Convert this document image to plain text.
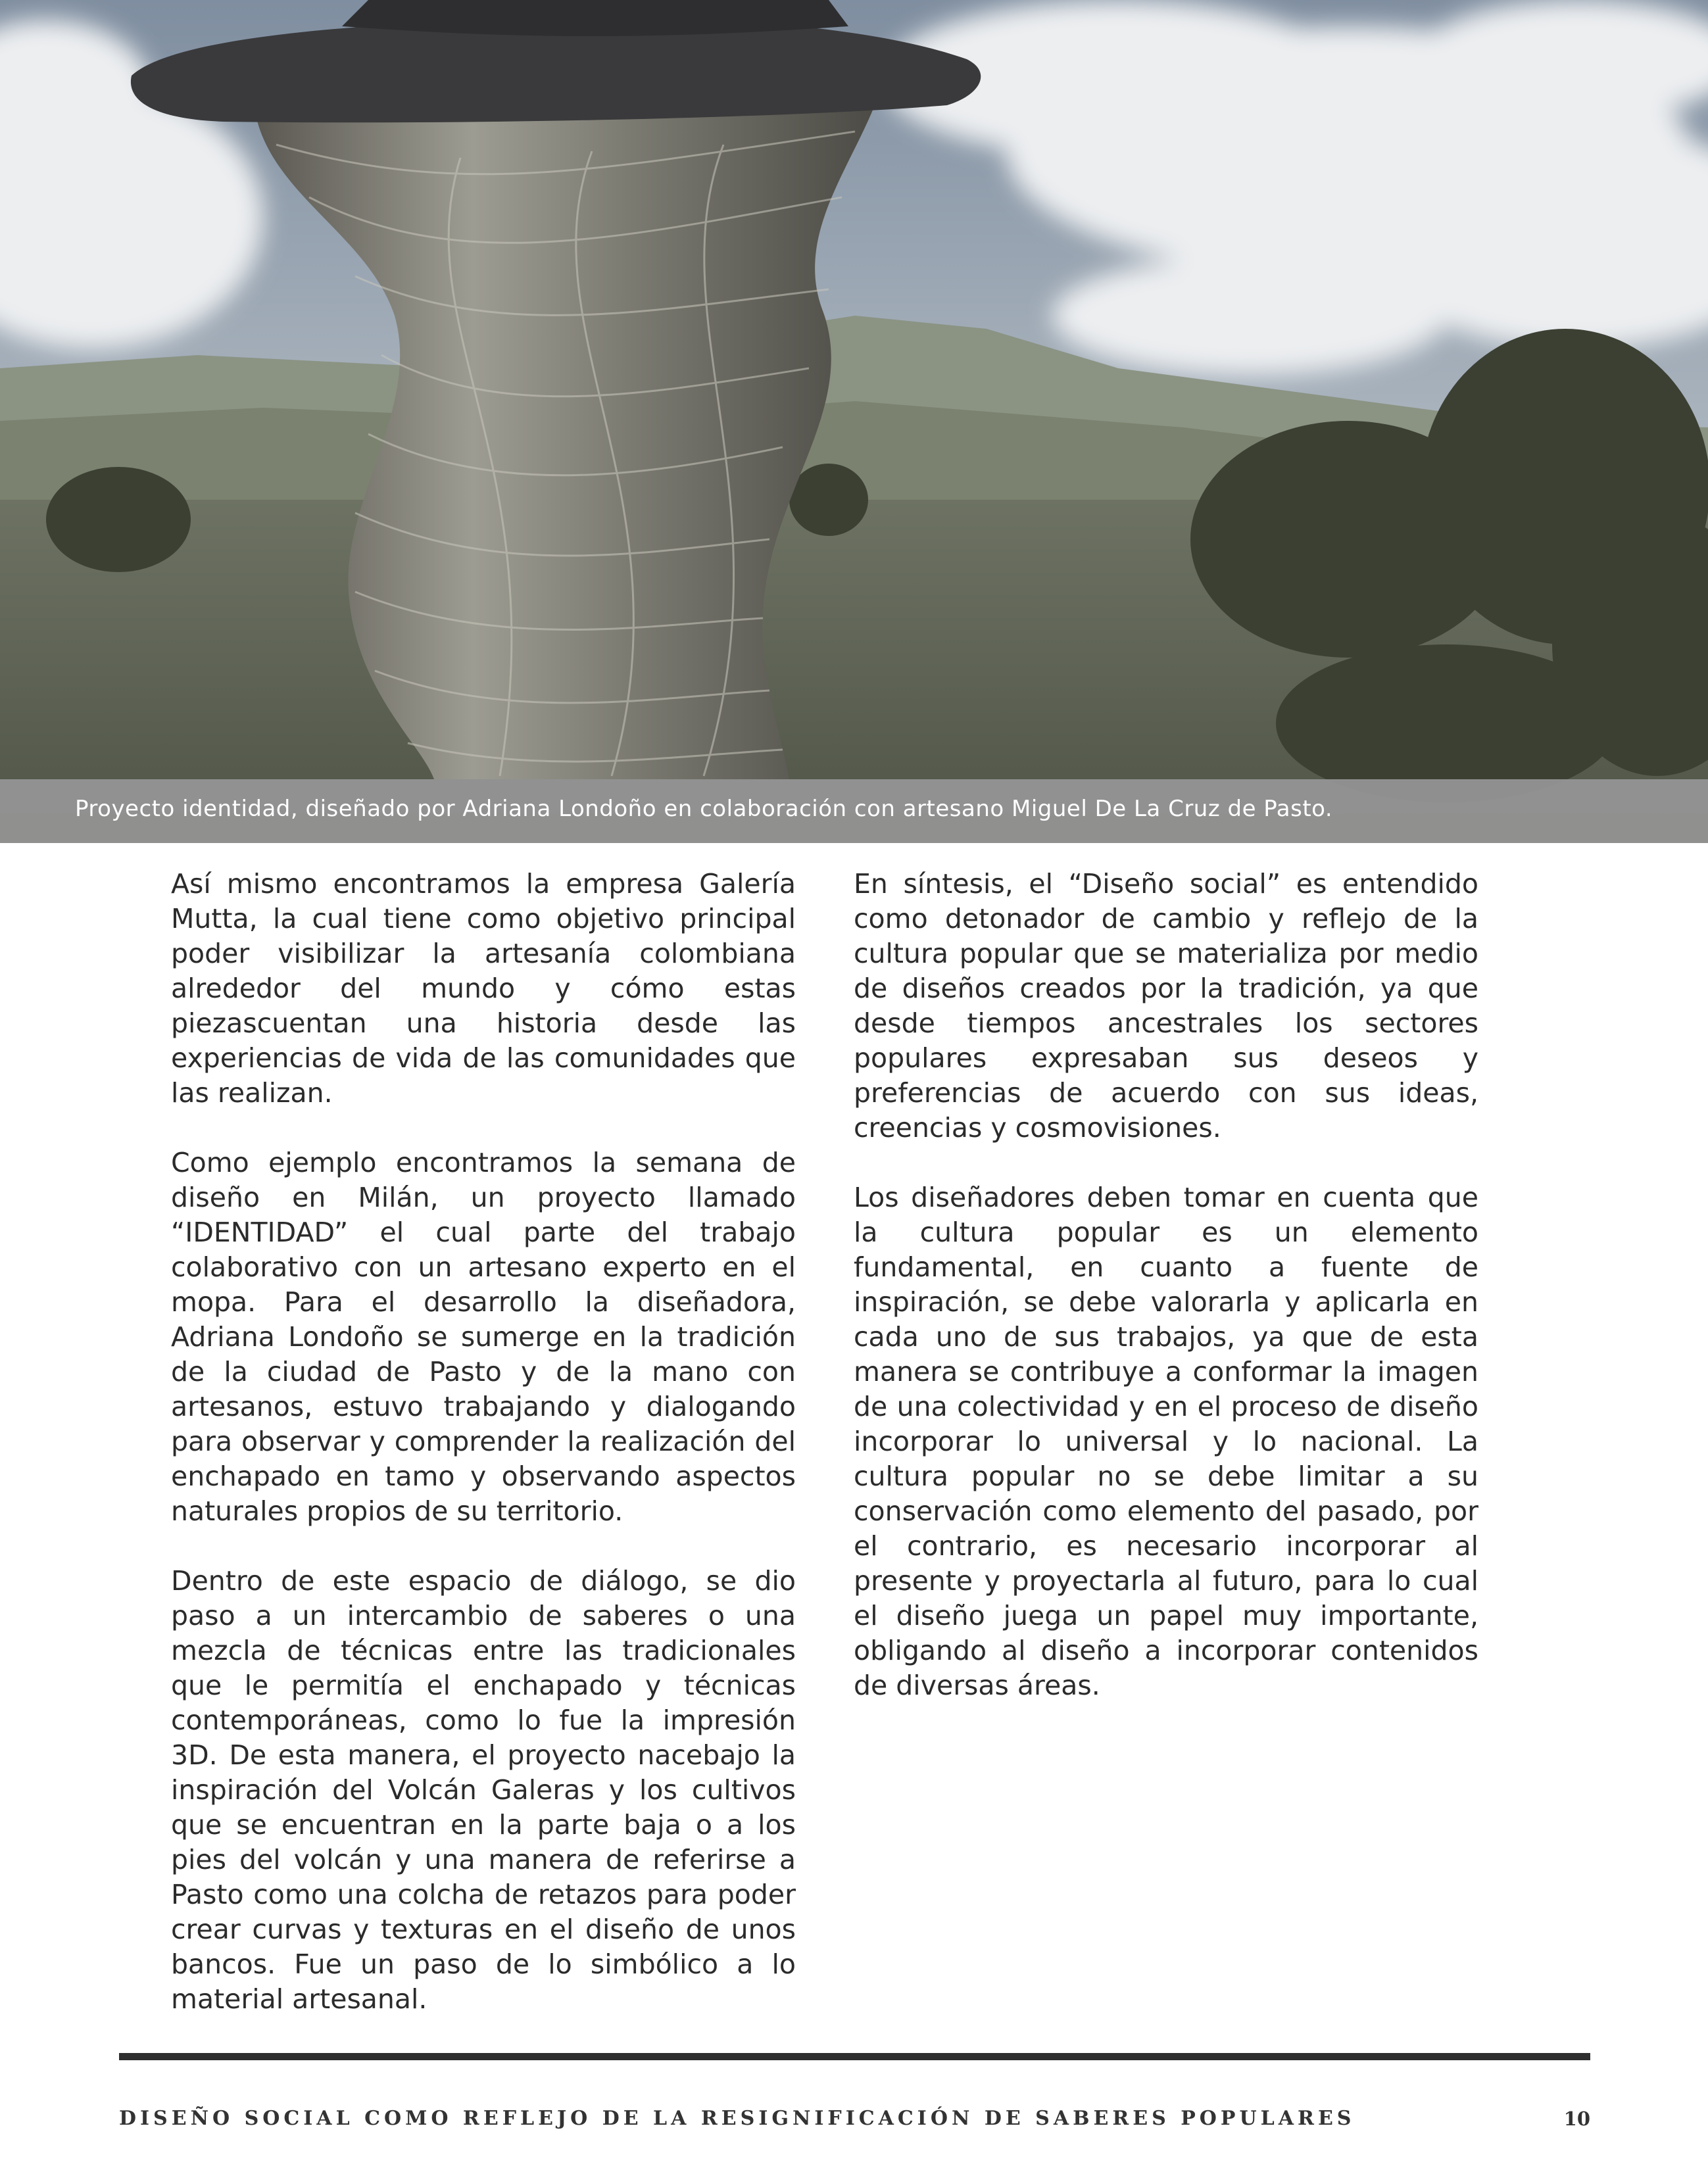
Proyecto identidad, diseñado por Adriana Londoño en colaboración con artesano Miguel De La Cruz de Pasto.

Así mismo encontramos la empresa Galería Mutta, la cual tiene como objetivo principal poder visibilizar la artesanía colombiana alrededor del mundo y cómo estas piezascuentan una historia desde las experiencias de vida de las comunidades que las realizan.

Como ejemplo encontramos la semana de diseño en Milán, un proyecto llamado “IDENTIDAD” el cual parte del trabajo colaborativo con un artesano experto en el mopa. Para el desarrollo la diseñadora, Adriana Londoño se sumerge en la tradición de la ciudad de Pasto y de la mano con artesanos, estuvo trabajando y dialogando para observar y comprender la realización del enchapado en tamo y observando aspectos naturales propios de su territorio.

Dentro de este espacio de diálogo, se dio paso a un intercambio de saberes o una mezcla de técnicas entre las tradicionales que le permitía el enchapado y técnicas contemporáneas, como lo fue la impresión 3D. De esta manera, el proyecto nacebajo la inspiración del Volcán Galeras y los cultivos que se encuentran en la parte baja o a los pies del volcán y una manera de referirse a Pasto como una colcha de retazos para poder crear curvas y texturas en el diseño de unos bancos. Fue un paso de lo simbólico a lo material artesanal.

En síntesis, el “Diseño social” es entendido como detonador de cambio y reflejo de la cultura popular que se materializa por medio de diseños creados por la tradición, ya que desde tiempos ancestrales los sectores populares expresaban sus deseos y preferencias de acuerdo con sus ideas, creencias y cosmovisiones.

Los diseñadores deben tomar en cuenta que la cultura popular es un elemento fundamental, en cuanto a fuente de inspiración, se debe valorarla y aplicarla en cada uno de sus trabajos, ya que de esta manera se contribuye a conformar la imagen de una colectividad y en el proceso de diseño incorporar lo universal y lo nacional. La cultura popular no se debe limitar a su conservación como elemento del pasado, por el contrario, es necesario incorporar al presente y proyectarla al futuro, para lo cual el diseño juega un papel muy importante, obligando al diseño a incorporar contenidos de diversas áreas.

DISEÑO SOCIAL COMO REFLEJO DE LA RESIGNIFICACIÓN DE SABERES POPULARES	10
